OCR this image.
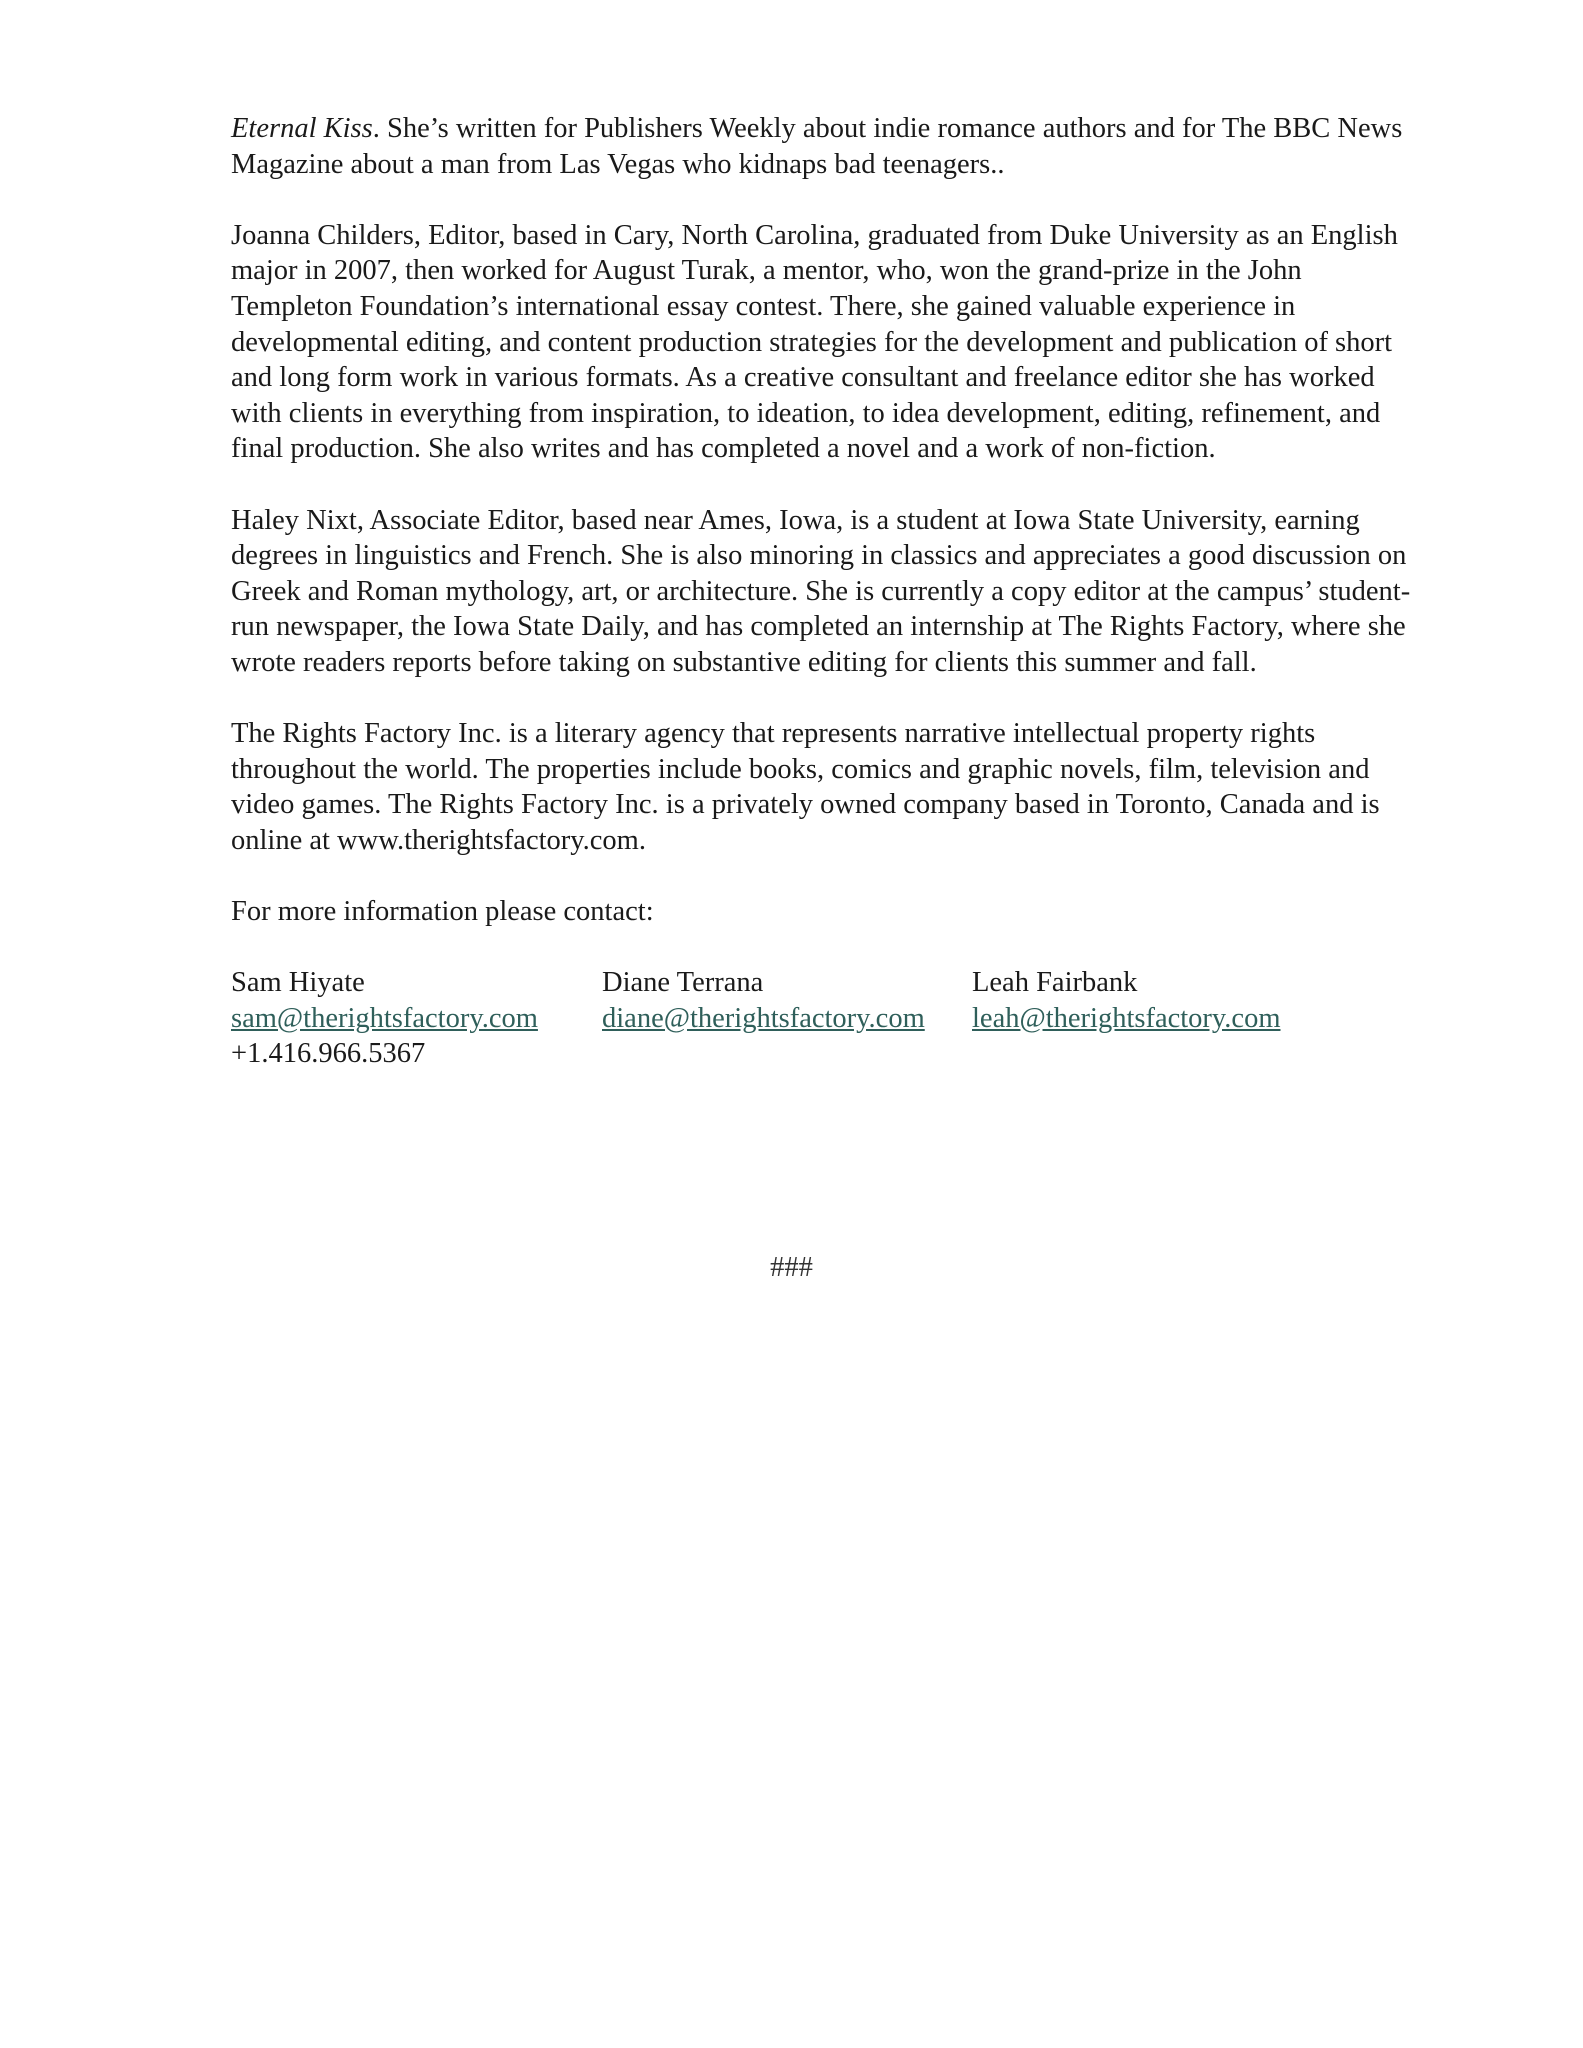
Eternal Kiss. She’s written for Publishers Weekly about indie romance authors and for The BBC News Magazine about a man from Las Vegas who kidnaps bad teenagers..

Joanna Childers, Editor, based in Cary, North Carolina, graduated from Duke University as an English major in 2007, then worked for August Turak, a mentor, who, won the grand-prize in the John Templeton Foundation’s international essay contest. There, she gained valuable experience in developmental editing, and content production strategies for the development and publication of short and long form work in various formats. As a creative consultant and freelance editor she has worked with clients in everything from inspiration, to ideation, to idea development, editing, refinement, and final production. She also writes and has completed a novel and a work of non-fiction.

Haley Nixt, Associate Editor, based near Ames, Iowa, is a student at Iowa State University, earning degrees in linguistics and French. She is also minoring in classics and appreciates a good discussion on Greek and Roman mythology, art, or architecture. She is currently a copy editor at the campus’ student-run newspaper, the Iowa State Daily, and has completed an internship at The Rights Factory, where she wrote readers reports before taking on substantive editing for clients this summer and fall.

The Rights Factory Inc. is a literary agency that represents narrative intellectual property rights throughout the world. The properties include books, comics and graphic novels, film, television and video games. The Rights Factory Inc. is a privately owned company based in Toronto, Canada and is online at www.therightsfactory.com.

For more information please contact:

Sam Hiyate
sam@therightsfactory.com
+1.416.966.5367
Diane Terrana
diane@therightsfactory.com
Leah Fairbank
leah@therightsfactory.com
###
